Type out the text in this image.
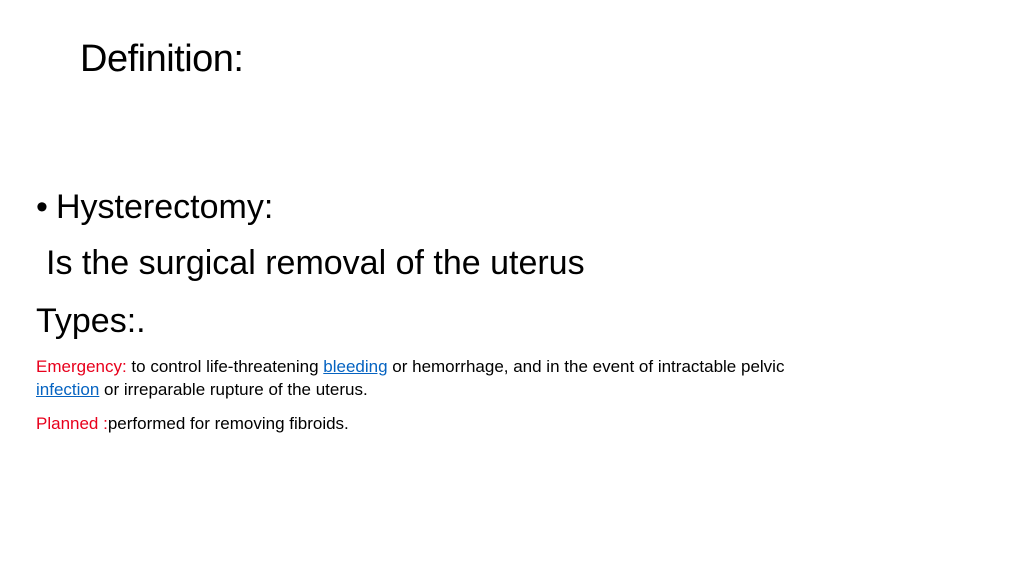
Definition:
• Hysterectomy:
Is the surgical removal of the uterus
Types:.
Emergency: to control life-threatening bleeding or hemorrhage, and in the event of intractable pelvic infection or irreparable rupture of the uterus.
Planned :performed for removing fibroids.
